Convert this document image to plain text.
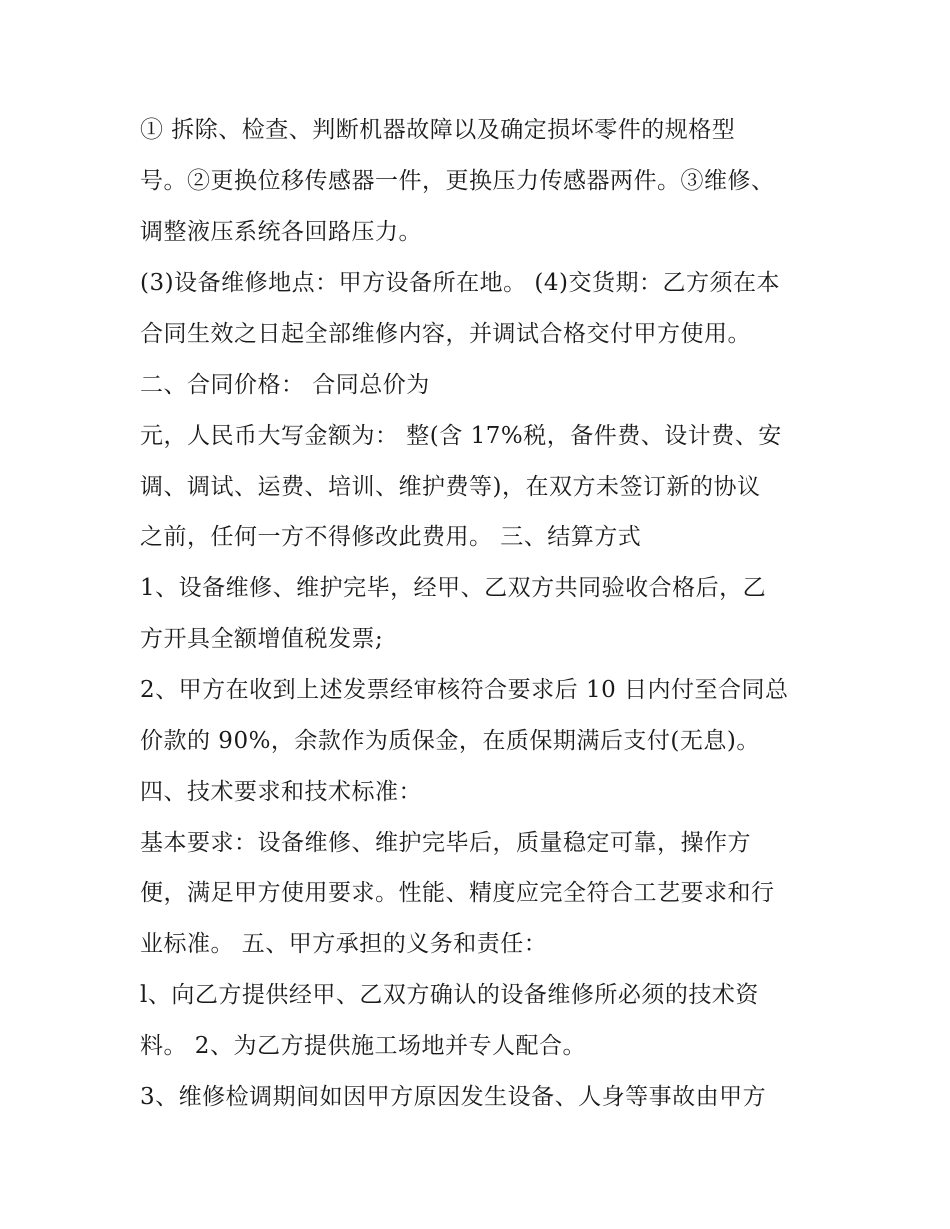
① 拆除、检查、判断机器故障以及确定损坏零件的规格型
号。②更换位移传感器一件，更换压力传感器两件。③维修、
调整液压系统各回路压力。
(3)设备维修地点：甲方设备所在地。 (4)交货期：乙方须在本
合同生效之日起全部维修内容，并调试合格交付甲方使用。
二、合同价格： 合同总价为
元，人民币大写金额为： 整(含 17%税，备件费、设计费、安
调、调试、运费、培训、维护费等)，在双方未签订新的协议
之前，任何一方不得修改此费用。 三、结算方式
1、设备维修、维护完毕，经甲、乙双方共同验收合格后，乙
方开具全额增值税发票;
2、甲方在收到上述发票经审核符合要求后 10 日内付至合同总
价款的 90%，余款作为质保金，在质保期满后支付(无息)。
四、技术要求和技术标准：
基本要求：设备维修、维护完毕后，质量稳定可靠，操作方
便，满足甲方使用要求。性能、精度应完全符合工艺要求和行
业标准。 五、甲方承担的义务和责任：
l、向乙方提供经甲、乙双方确认的设备维修所必须的技术资
料。 2、为乙方提供施工场地并专人配合。
3、维修检调期间如因甲方原因发生设备、人身等事故由甲方
